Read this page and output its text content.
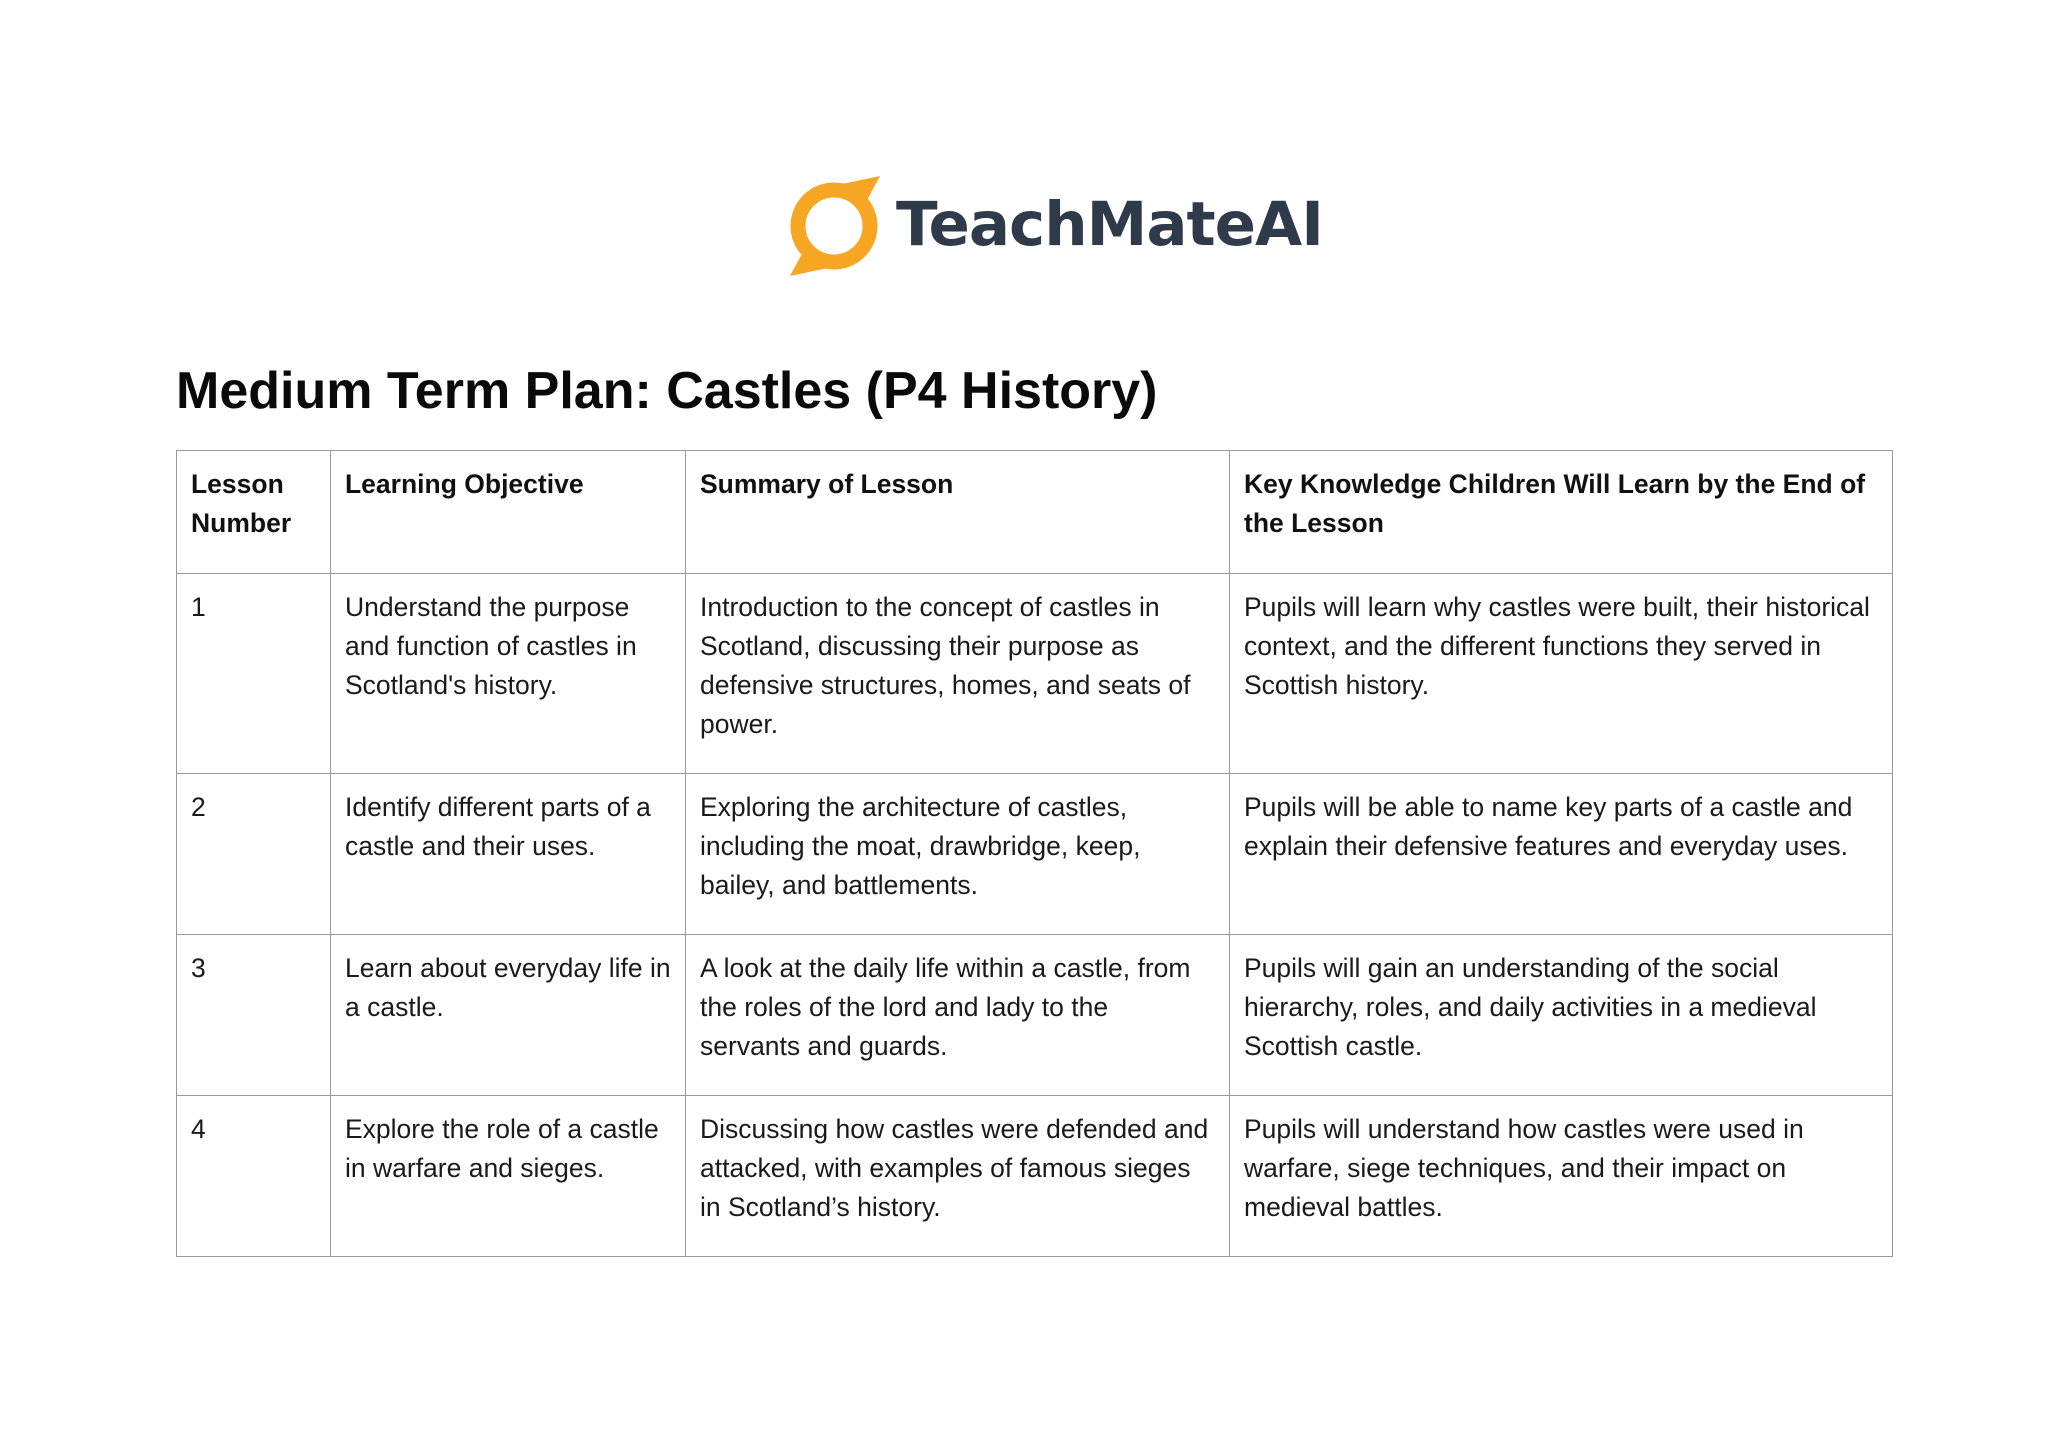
TeachMateAI
Medium Term Plan: Castles (P4 History)
Lesson Number	Learning Objective	Summary of Lesson	Key Knowledge Children Will Learn by the End of the Lesson
1	Understand the purpose and function of castles in Scotland's history.	Introduction to the concept of castles in Scotland, discussing their purpose as defensive structures, homes, and seats of power.	Pupils will learn why castles were built, their historical context, and the different functions they served in Scottish history.
2	Identify different parts of a castle and their uses.	Exploring the architecture of castles, including the moat, drawbridge, keep, bailey, and battlements.	Pupils will be able to name key parts of a castle and explain their defensive features and everyday uses.
3	Learn about everyday life in a castle.	A look at the daily life within a castle, from the roles of the lord and lady to the servants and guards.	Pupils will gain an understanding of the social hierarchy, roles, and daily activities in a medieval Scottish castle.
4	Explore the role of a castle in warfare and sieges.	Discussing how castles were defended and attacked, with examples of famous sieges in Scotland’s history.	Pupils will understand how castles were used in warfare, siege techniques, and their impact on medieval battles.
